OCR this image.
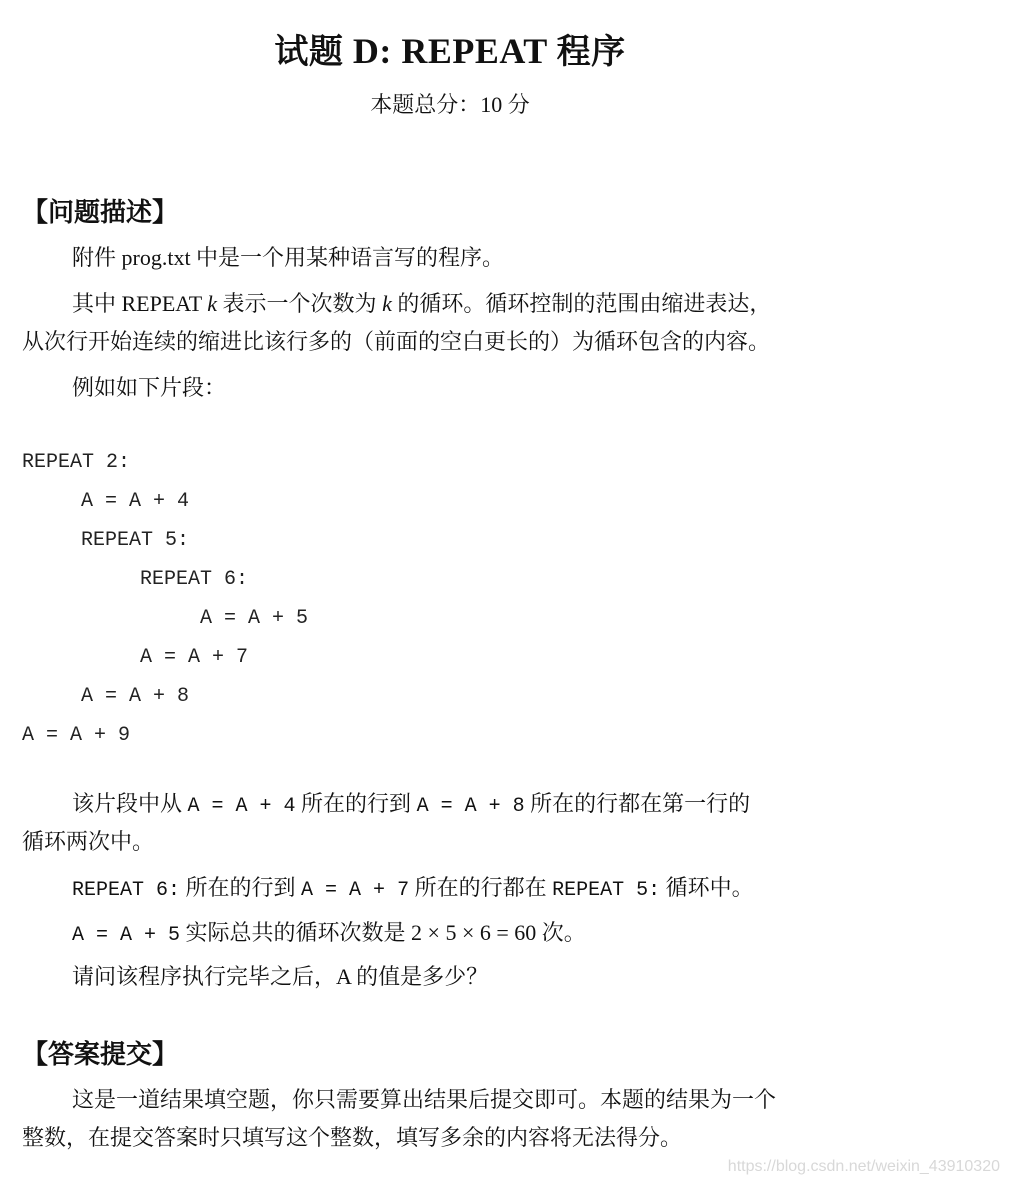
试题 D: REPEAT 程序
本题总分：10 分
【问题描述】
附件 prog.txt 中是一个用某种语言写的程序。
其中 REPEAT k 表示一个次数为 k 的循环。循环控制的范围由缩进表达，
从次行开始连续的缩进比该行多的（前面的空白更长的）为循环包含的内容。
例如如下片段：
REPEAT 2:
A = A + 4
REPEAT 5:
REPEAT 6:
A = A + 5
A = A + 7
A = A + 8
A = A + 9
该片段中从 A = A + 4 所在的行到 A = A + 8 所在的行都在第一行的
循环两次中。
REPEAT 6: 所在的行到 A = A + 7 所在的行都在 REPEAT 5: 循环中。
A = A + 5 实际总共的循环次数是 2 × 5 × 6 = 60 次。
请问该程序执行完毕之后，A 的值是多少？
【答案提交】
这是一道结果填空题，你只需要算出结果后提交即可。本题的结果为一个
整数，在提交答案时只填写这个整数，填写多余的内容将无法得分。
https://blog.csdn.net/weixin_43910320
